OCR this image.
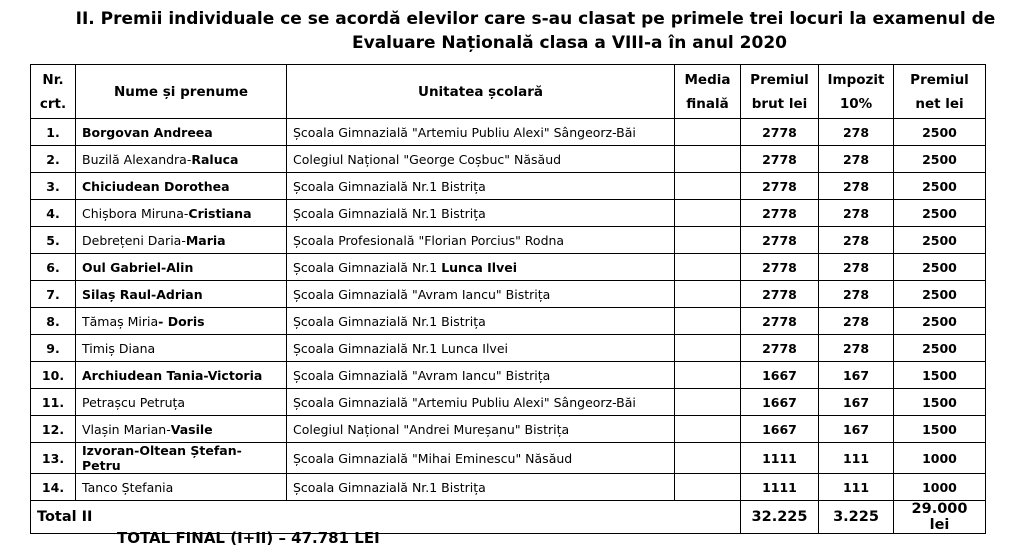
II. Premii individuale ce se acordă elevilor care s-au clasat pe primele trei locuri la examenul de
Evaluare Națională clasa a VIII-a în anul 2020
Nr. crt.	Nume și prenume	Unitatea școlară	Media finală	Premiul brut lei	Impozit 10%	Premiul net lei
1.	Borgovan Andreea	Școala Gimnazială "Artemiu Publiu Alexi" Sângeorz-Băi		2778	278	2500
2.	Buzilă Alexandra-Raluca	Colegiul Național "George Coșbuc" Năsăud		2778	278	2500
3.	Chiciudean Dorothea	Școala Gimnazială Nr.1 Bistrița		2778	278	2500
4.	Chișbora Miruna-Cristiana	Școala Gimnazială Nr.1 Bistrița		2778	278	2500
5.	Debrețeni Daria-Maria	Școala Profesională "Florian Porcius" Rodna		2778	278	2500
6.	Oul Gabriel-Alin	Școala Gimnazială Nr.1 Lunca Ilvei		2778	278	2500
7.	Silaș Raul-Adrian	Școala Gimnazială "Avram Iancu" Bistrița		2778	278	2500
8.	Tămaș Miria- Doris	Școala Gimnazială Nr.1 Bistrița		2778	278	2500
9.	Timiș Diana	Școala Gimnazială Nr.1 Lunca Ilvei		2778	278	2500
10.	Archiudean Tania-Victoria	Școala Gimnazială "Avram Iancu" Bistrița		1667	167	1500
11.	Petrașcu Petruța	Școala Gimnazială "Artemiu Publiu Alexi" Sângeorz-Băi		1667	167	1500
12.	Vlașin Marian-Vasile	Colegiul Național "Andrei Mureșanu" Bistrița		1667	167	1500
13.	Izvoran-Oltean Ștefan-Petru	Școala Gimnazială "Mihai Eminescu" Năsăud		1111	111	1000
14.	Tanco Ștefania	Școala Gimnazială Nr.1 Bistrița		1111	111	1000
Total II				32.225	3.225	29.000 lei
TOTAL FINAL (I+II) – 47.781 LEI
